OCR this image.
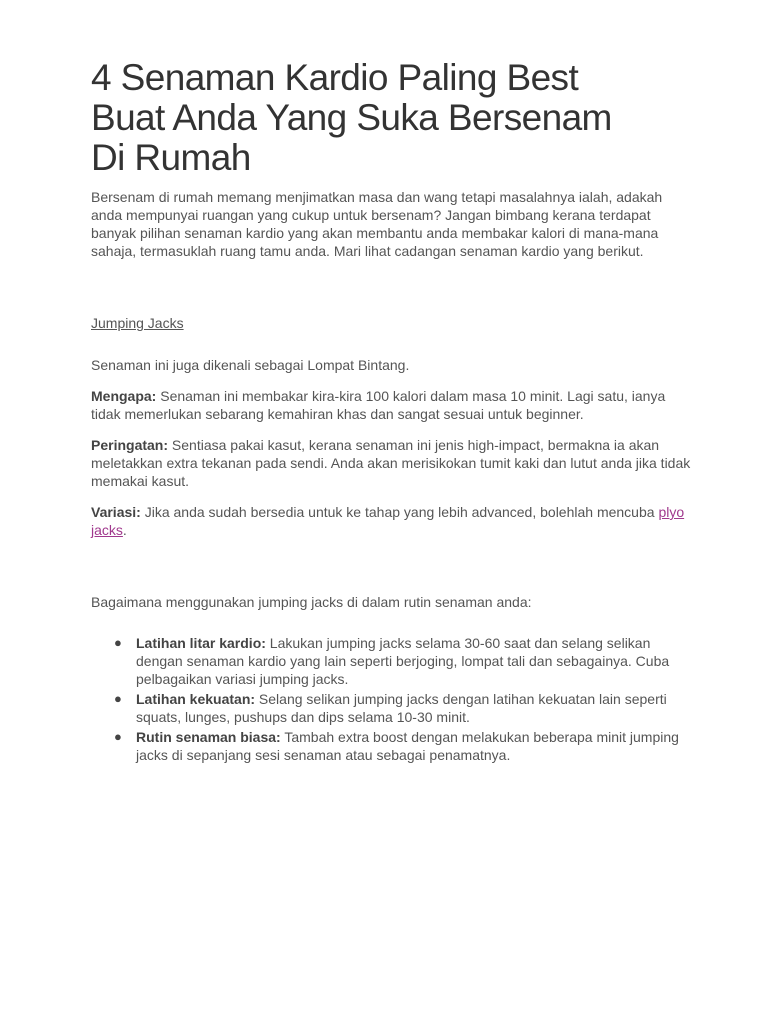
4 Senaman Kardio Paling Best
Buat Anda Yang Suka Bersenam
Di Rumah

Bersenam di rumah memang menjimatkan masa dan wang tetapi masalahnya ialah, adakah anda mempunyai ruangan yang cukup untuk bersenam? Jangan bimbang kerana terdapat banyak pilihan senaman kardio yang akan membantu anda membakar kalori di mana-mana sahaja, termasuklah ruang tamu anda. Mari lihat cadangan senaman kardio yang berikut.

Jumping Jacks

Senaman ini juga dikenali sebagai Lompat Bintang.

Mengapa: Senaman ini membakar kira-kira 100 kalori dalam masa 10 minit. Lagi satu, ianya tidak memerlukan sebarang kemahiran khas dan sangat sesuai untuk beginner.

Peringatan: Sentiasa pakai kasut, kerana senaman ini jenis high-impact, bermakna ia akan meletakkan extra tekanan pada sendi. Anda akan merisikokan tumit kaki dan lutut anda jika tidak memakai kasut.

Variasi: Jika anda sudah bersedia untuk ke tahap yang lebih advanced, bolehlah mencuba plyo jacks.

Bagaimana menggunakan jumping jacks di dalam rutin senaman anda:

● Latihan litar kardio: Lakukan jumping jacks selama 30-60 saat dan selang selikan dengan senaman kardio yang lain seperti berjoging, lompat tali dan sebagainya. Cuba pelbagaikan variasi jumping jacks.
● Latihan kekuatan: Selang selikan jumping jacks dengan latihan kekuatan lain seperti squats, lunges, pushups dan dips selama 10-30 minit.
● Rutin senaman biasa: Tambah extra boost dengan melakukan beberapa minit jumping jacks di sepanjang sesi senaman atau sebagai penamatnya.
